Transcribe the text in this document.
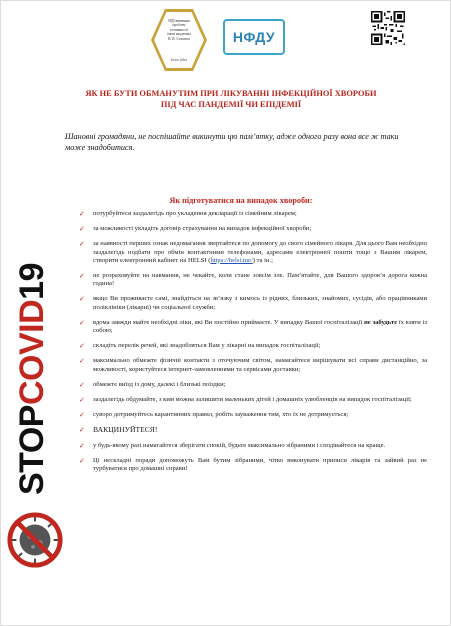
НДІ вивчення
проблем
злочинності
імені академіка
В. В. Сташиса
bona fides
НФДУ
ЯК НЕ БУТИ ОБМАНУТИМ ПРИ ЛІКУВАННІ ІНФЕКЦІЙНОЇ ХВОРОБИ ПІД ЧАС ПАНДЕМІЇ ЧИ ЕПІДЕМІЇ
Шановні громадяни, не поспішайте викинути цю пам’ятку, адже одного разу вона все ж таки може знадобитися.
Як підготуватися на випадок хвороби:
✓ потурбуйтеся заздалегідь про укладення декларації із сімейним лікарем;
✓ за можливості укладіть договір страхування на випадок інфекційної хвороби;
✓ за наявності перших ознак недомагання звертайтеся по допомогу до свого сімейного лікаря. Для цього Вам необхідно заздалегідь подбати про обмін контактними телефонами, адресами електронної пошти тощо з Вашим лікарем, створити електронний кабінет на HELSI (https://helsi.me/) та ін.;
✓ не розраховуйте на навмання, не чекайте, коли стане зовсім зле. Пам’ятайте, для Вашого здоров’я дорога кожна година!
✓ якщо Ви проживаєте самі, знайдіться на зв’язку з кимось із рідних, близьких, знайомих, сусідів, або працівниками поліклініки (лікарні) чи соціальної служби;
✓ вдома завжди майте необхідні ліки, які Ви постійно приймаєте. У випадку Вашої госпіталізації не забудьте їх взяти із собою;
✓ складіть перелік речей, які знадобляться Вам у лікарні на випадок госпіталізації;
✓ максимально обмежте фізичні контакти з оточуючим світом, намагайтеся вирішувати всі справи дистанційно, за можливості, користуйтеся інтернет-замовленнями та сервісами доставки;
✓ обмежте виїзд із дому, далекі і близькі поїздки;
✓ заздалегідь обдумайте, з ким можна залишити маленьких дітей і домашніх улюбленців на випадок госпіталізації;
✓ суворо дотримуйтесь карантинних правил, робіть зауваження тим, хто їх не дотримується;
✓ ВАКЦИНУЙТЕСЯ!
✓ у будь-якому разі намагайтеся зберігати спокій, будьте максимально зібраними і сподівайтеся на краще.
✓ Ці нескладні поради допоможуть Вам бутим зібраними, чітко виконувати приписи лікарів та зайвий раз не турбуватися про домашні справи!
STOP
COVID
19
